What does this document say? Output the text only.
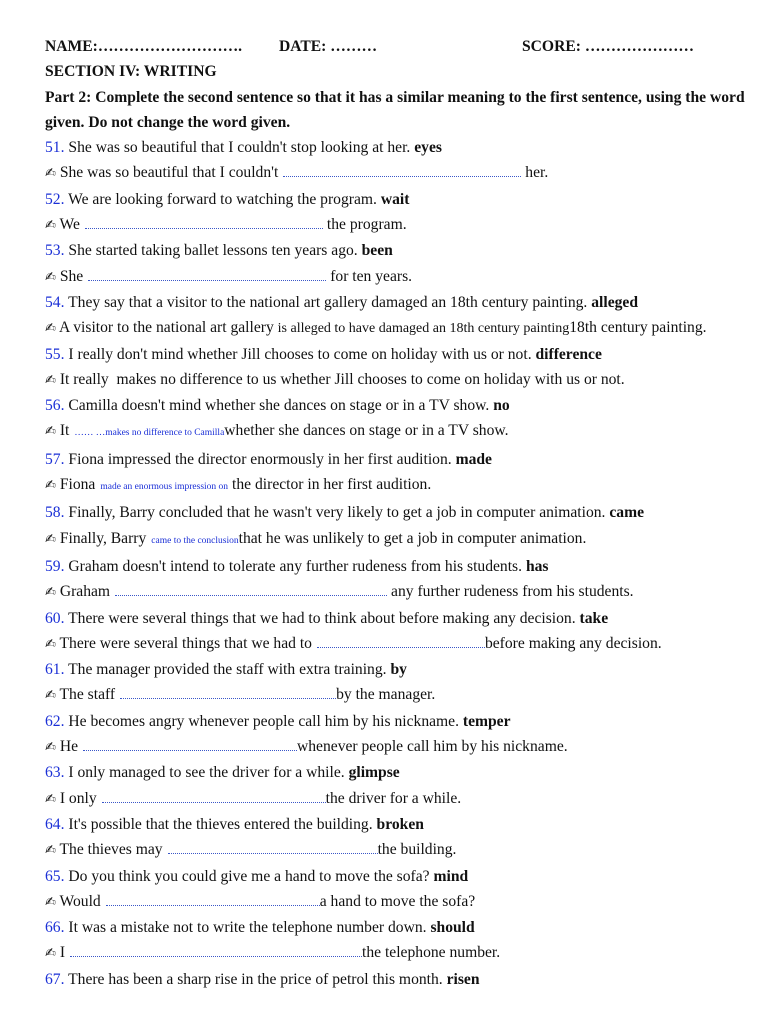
NAME:……………………….	DATE: ………	SCORE: …………………
SECTION IV: WRITING
Part 2: Complete the second sentence so that it has a similar meaning to the first sentence, using the word given. Do not change the word given.
51. She was so beautiful that I couldn't stop looking at her. eyes
✍ She was so beautiful that I couldn't	her.
52. We are looking forward to watching the program. wait
✍ We	the program.
53. She started taking ballet lessons ten years ago. been
✍ She	for ten years.
54. They say that a visitor to the national art gallery damaged an 18th century painting. alleged
✍ A visitor to the national art gallery is alleged to have damaged an 18th century painting18th century painting.
55. I really don't mind whether Jill chooses to come on holiday with us or not. difference
✍ It really  makes no difference to us whether Jill chooses to come on holiday with us or not.
56. Camilla doesn't mind whether she dances on stage or in a TV show. no
✍ It …… …makes no difference to Camillawhether she dances on stage or in a TV show.
57. Fiona impressed the director enormously in her first audition. made
✍ Fiona made an enormous impression on the director in her first audition.
58. Finally, Barry concluded that he wasn't very likely to get a job in computer animation. came
✍ Finally, Barry came to the conclusionthat he was unlikely to get a job in computer animation.
59. Graham doesn't intend to tolerate any further rudeness from his students. has
✍ Graham	any further rudeness from his students.
60. There were several things that we had to think about before making any decision. take
✍ There were several things that we had to	before making any decision.
61. The manager provided the staff with extra training. by
✍ The staff	by the manager.
62. He becomes angry whenever people call him by his nickname. temper
✍ He	whenever people call him by his nickname.
63. I only managed to see the driver for a while. glimpse
✍ I only	the driver for a while.
64. It's possible that the thieves entered the building. broken
✍ The thieves may	the building.
65. Do you think you could give me a hand to move the sofa? mind
✍ Would	a hand to move the sofa?
66. It was a mistake not to write the telephone number down. should
✍ I	the telephone number.
67. There has been a sharp rise in the price of petrol this month. risen
